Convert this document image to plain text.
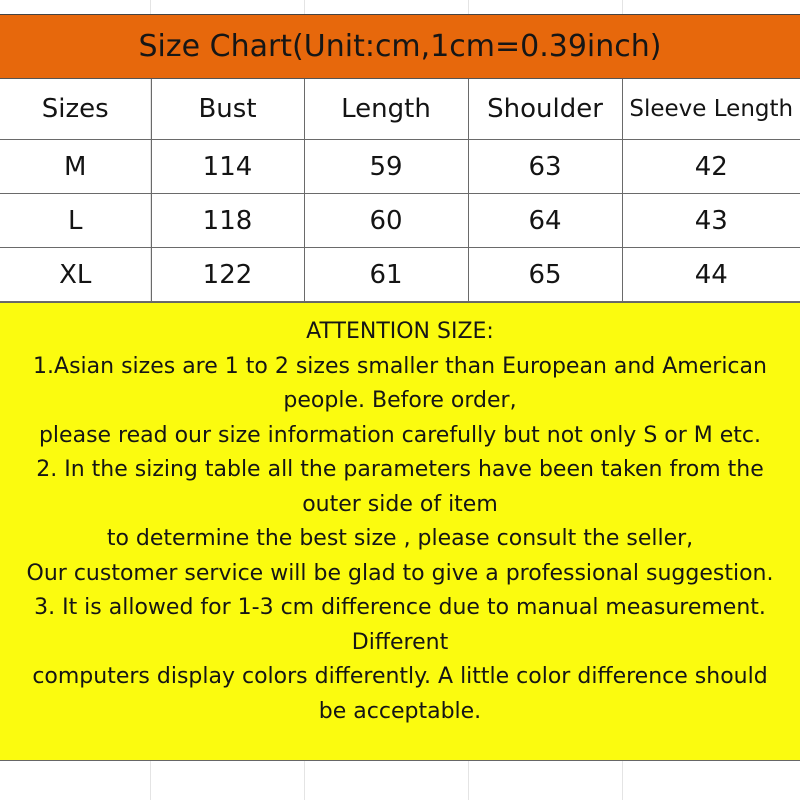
Size Chart(Unit:cm,1cm=0.39inch)
Sizes	Bust	Length	Shoulder	Sleeve Length
M	114	59	63	42
L	118	60	64	43
XL	122	61	65	44
ATTENTION SIZE:
1.Asian sizes are 1 to 2 sizes smaller than European and American
people. Before order,
please read our size information carefully but not only S or M etc.
2. In the sizing table all the parameters have been taken from the
outer side of item
to determine the best size , please consult the seller,
Our customer service will be glad to give a professional suggestion.
3. It is allowed for 1-3 cm difference due to manual measurement.
Different
computers display colors differently. A little color difference should
be acceptable.
